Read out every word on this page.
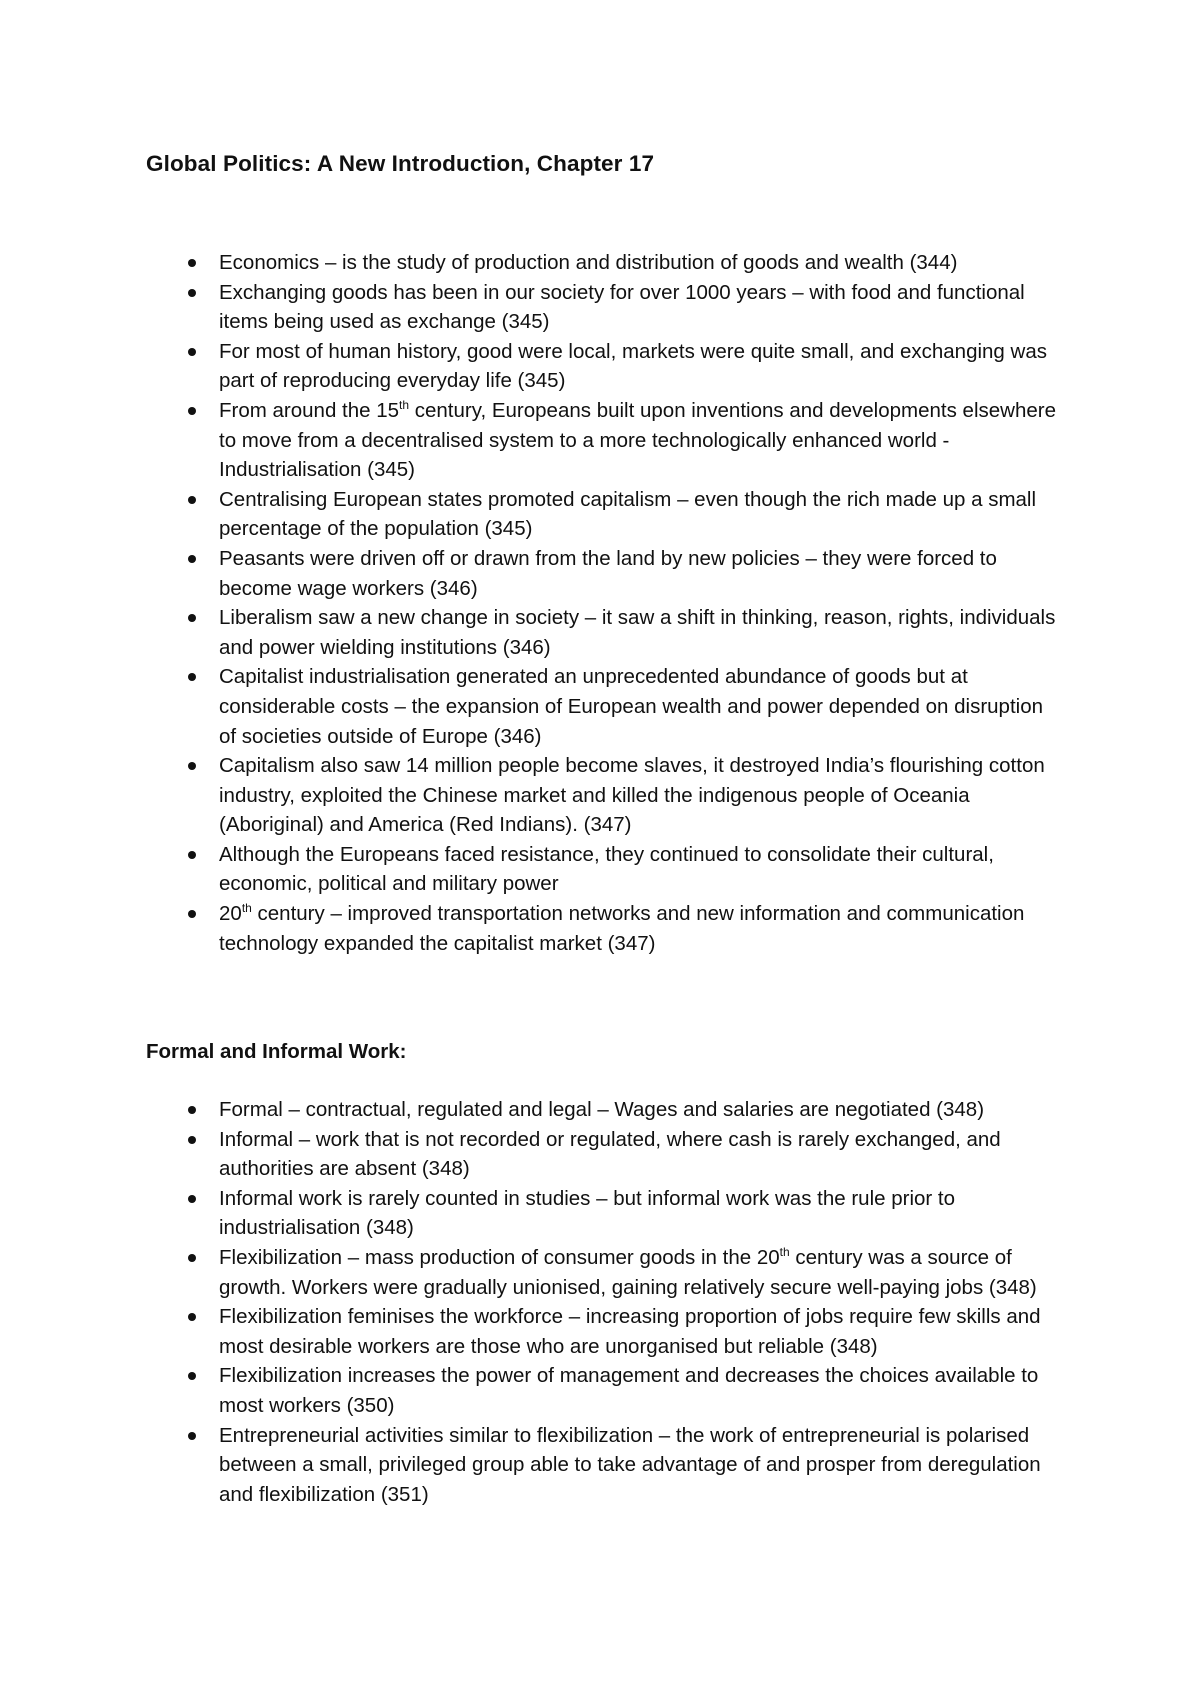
Global Politics: A New Introduction, Chapter 17
Economics – is the study of production and distribution of goods and wealth (344)
Exchanging goods has been in our society for over 1000 years – with food and functional items being used as exchange (345)
For most of human history, good were local, markets were quite small, and exchanging was part of reproducing everyday life (345)
From around the 15th century, Europeans built upon inventions and developments elsewhere to move from a decentralised system to a more technologically enhanced world - Industrialisation (345)
Centralising European states promoted capitalism – even though the rich made up a small percentage of the population (345)
Peasants were driven off or drawn from the land by new policies – they were forced to become wage workers (346)
Liberalism saw a new change in society – it saw a shift in thinking, reason, rights, individuals and power wielding institutions (346)
Capitalist industrialisation generated an unprecedented abundance of goods but at considerable costs – the expansion of European wealth and power depended on disruption of societies outside of Europe (346)
Capitalism also saw 14 million people become slaves, it destroyed India’s flourishing cotton industry, exploited the Chinese market and killed the indigenous people of Oceania (Aboriginal) and America (Red Indians). (347)
Although the Europeans faced resistance, they continued to consolidate their cultural, economic, political and military power
20th century – improved transportation networks and new information and communication technology expanded the capitalist market (347)
Formal and Informal Work:
Formal – contractual, regulated and legal – Wages and salaries are negotiated (348)
Informal – work that is not recorded or regulated, where cash is rarely exchanged, and authorities are absent (348)
Informal work is rarely counted in studies – but informal work was the rule prior to industrialisation (348)
Flexibilization – mass production of consumer goods in the 20th century was a source of growth. Workers were gradually unionised, gaining relatively secure well-paying jobs (348)
Flexibilization feminises the workforce – increasing proportion of jobs require few skills and most desirable workers are those who are unorganised but reliable (348)
Flexibilization increases the power of management and decreases the choices available to most workers (350)
Entrepreneurial activities similar to flexibilization – the work of entrepreneurial is polarised between a small, privileged group able to take advantage of and prosper from deregulation and flexibilization (351)
